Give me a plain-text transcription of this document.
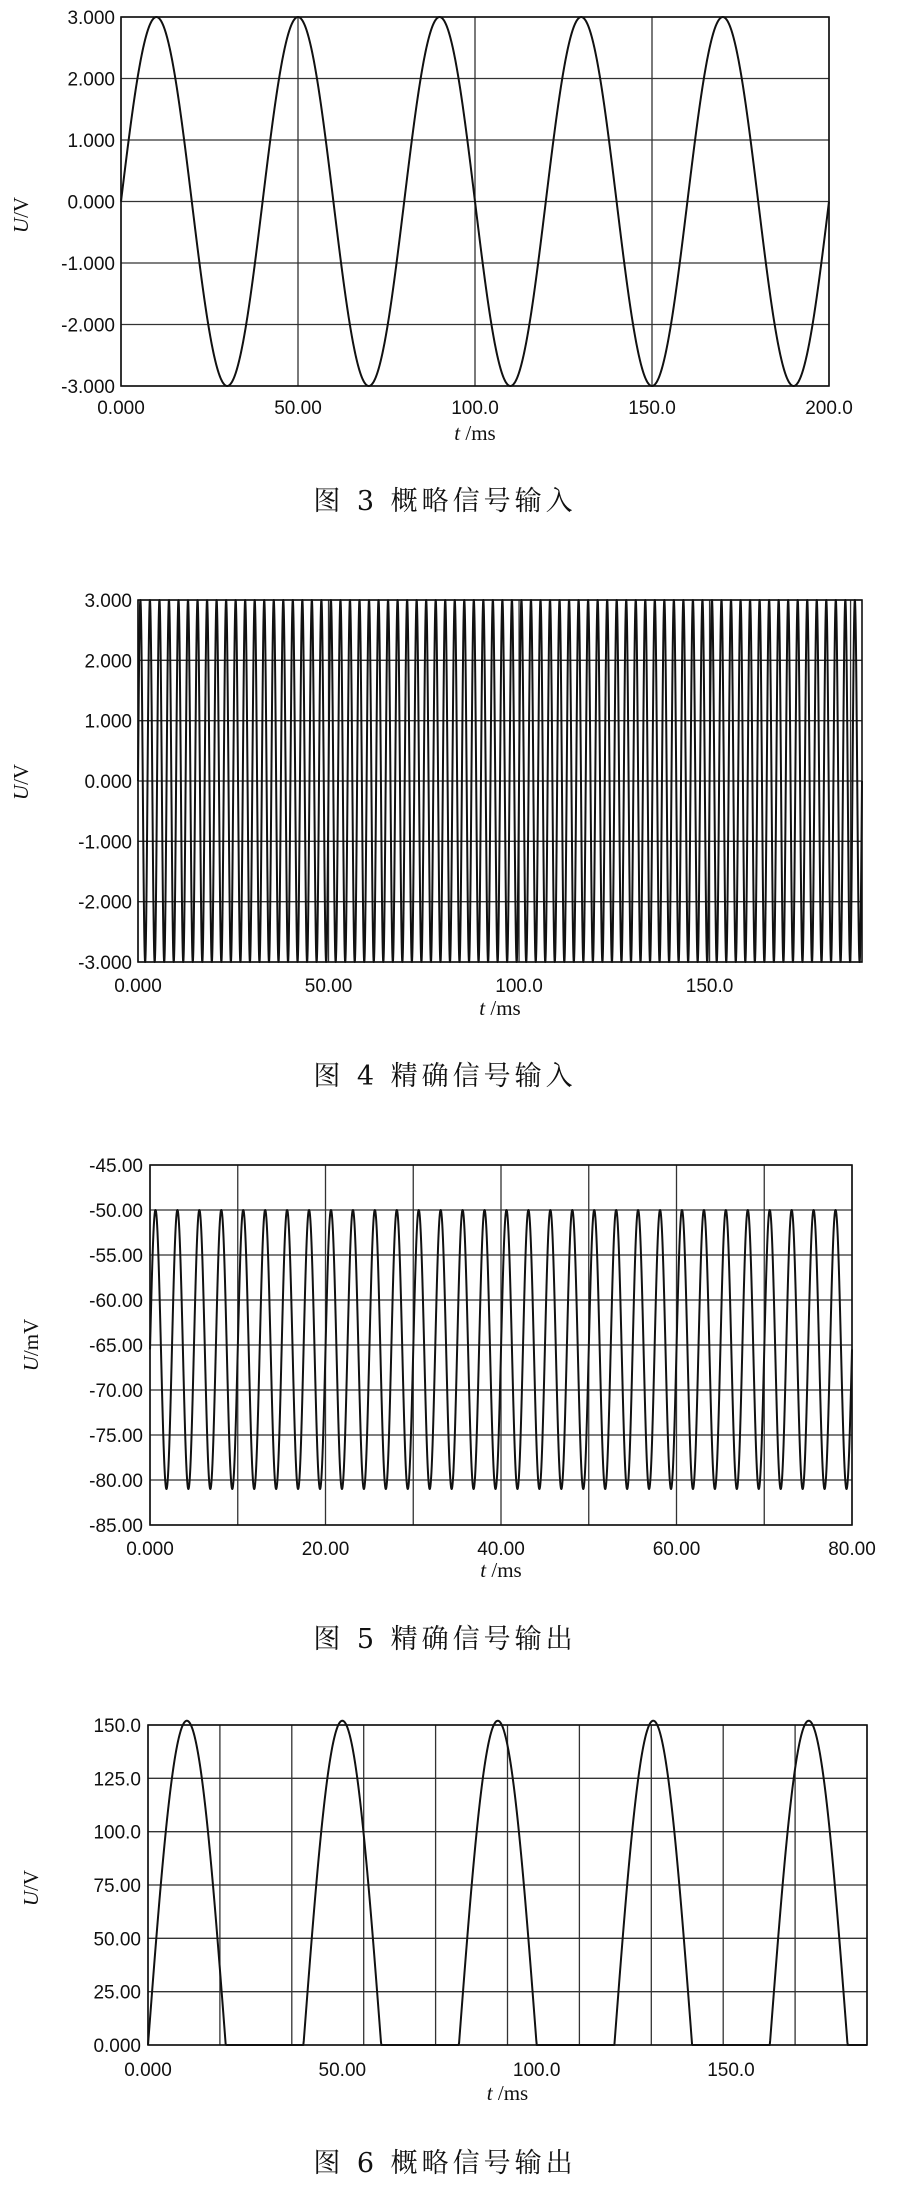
3.000
2.000
1.000
0.000
-1.000
-2.000
-3.000
0.000	50.00	100.0	150.0	200.0
U/V
t /ms
图 3 概略信号输入
3.000
2.000
1.000
0.000
-1.000
-2.000
-3.000
0.000	50.00	100.0	150.0
U/V
t /ms
图 4 精确信号输入
-45.00
-50.00
-55.00
-60.00
-65.00
-70.00
-75.00
-80.00
-85.00
0.000	20.00	40.00	60.00	80.00
U/mV
t /ms
图 5 精确信号输出
150.0
125.0
100.0
75.00
50.00
25.00
0.000
0.000	50.00	100.0	150.0
U/V
t /ms
图 6 概略信号输出
